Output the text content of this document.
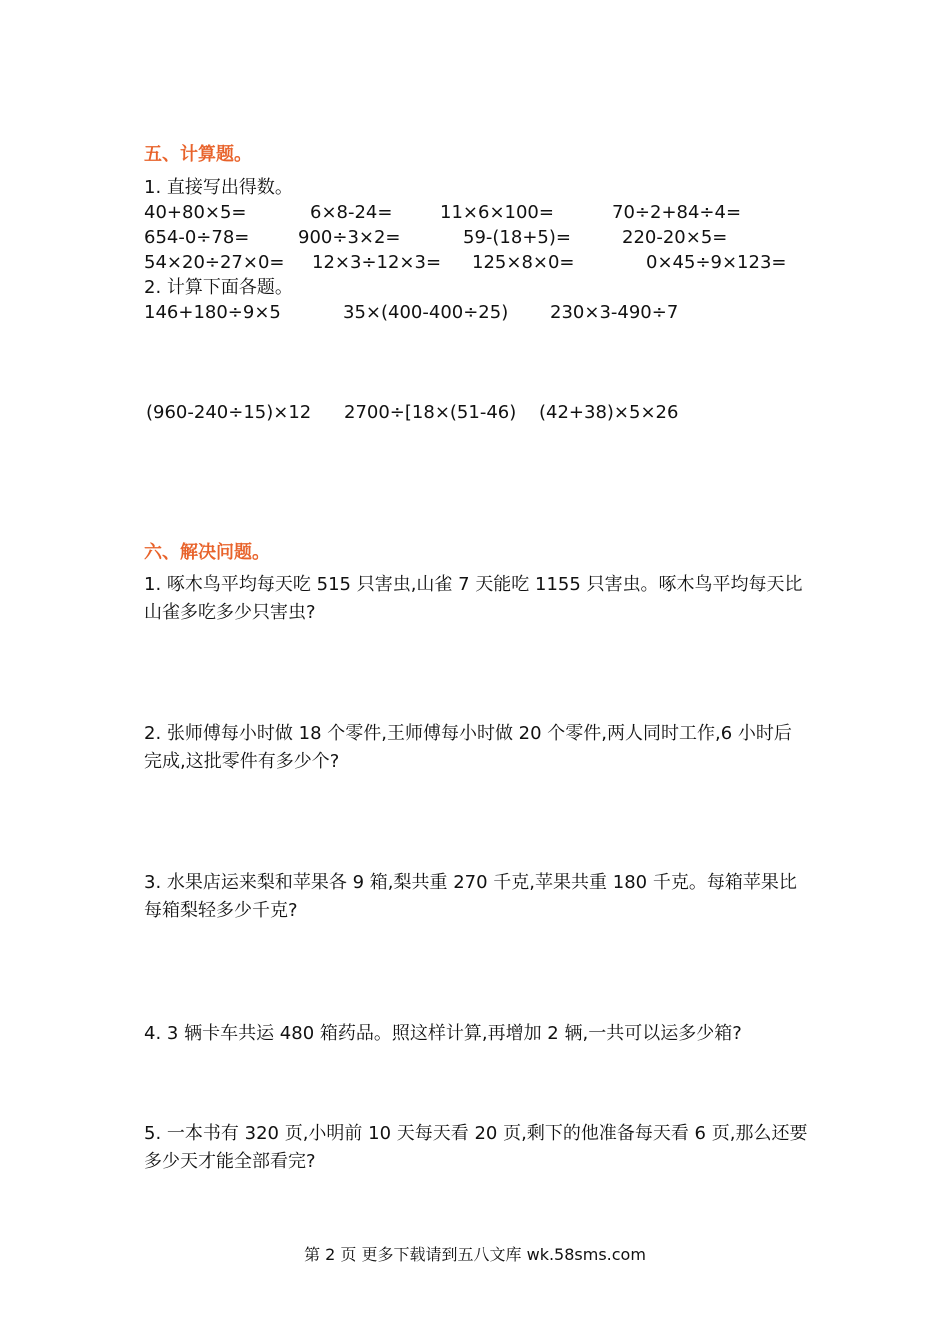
五、计算题。
1. 直接写出得数。
40+80×5=	6×8-24=	11×6×100=	70÷2+84÷4=
654-0÷78=	900÷3×2=	59-(18+5)=	220-20×5=
54×20÷27×0= 12×3÷12×3= 125×8×0=	0×45÷9×123=
2. 计算下面各题。
146+180÷9×5	35×(400-400÷25) 230×3-490÷7
(960-240÷15)×12 2700÷[18×(51-46) (42+38)×5×26
六、解决问题。
1. 啄木鸟平均每天吃 515 只害虫,山雀 7 天能吃 1155 只害虫。啄木鸟平均每天比山雀多吃多少只害虫?
2. 张师傅每小时做 18 个零件,王师傅每小时做 20 个零件,两人同时工作,6 小时后完成,这批零件有多少个?
3. 水果店运来梨和苹果各 9 箱,梨共重 270 千克,苹果共重 180 千克。每箱苹果比每箱梨轻多少千克?
4. 3 辆卡车共运 480 箱药品。照这样计算,再增加 2 辆,一共可以运多少箱?
5. 一本书有 320 页,小明前 10 天每天看 20 页,剩下的他准备每天看 6 页,那么还要多少天才能全部看完?
第 2 页 更多下载请到五八文库 wk.58sms.com
